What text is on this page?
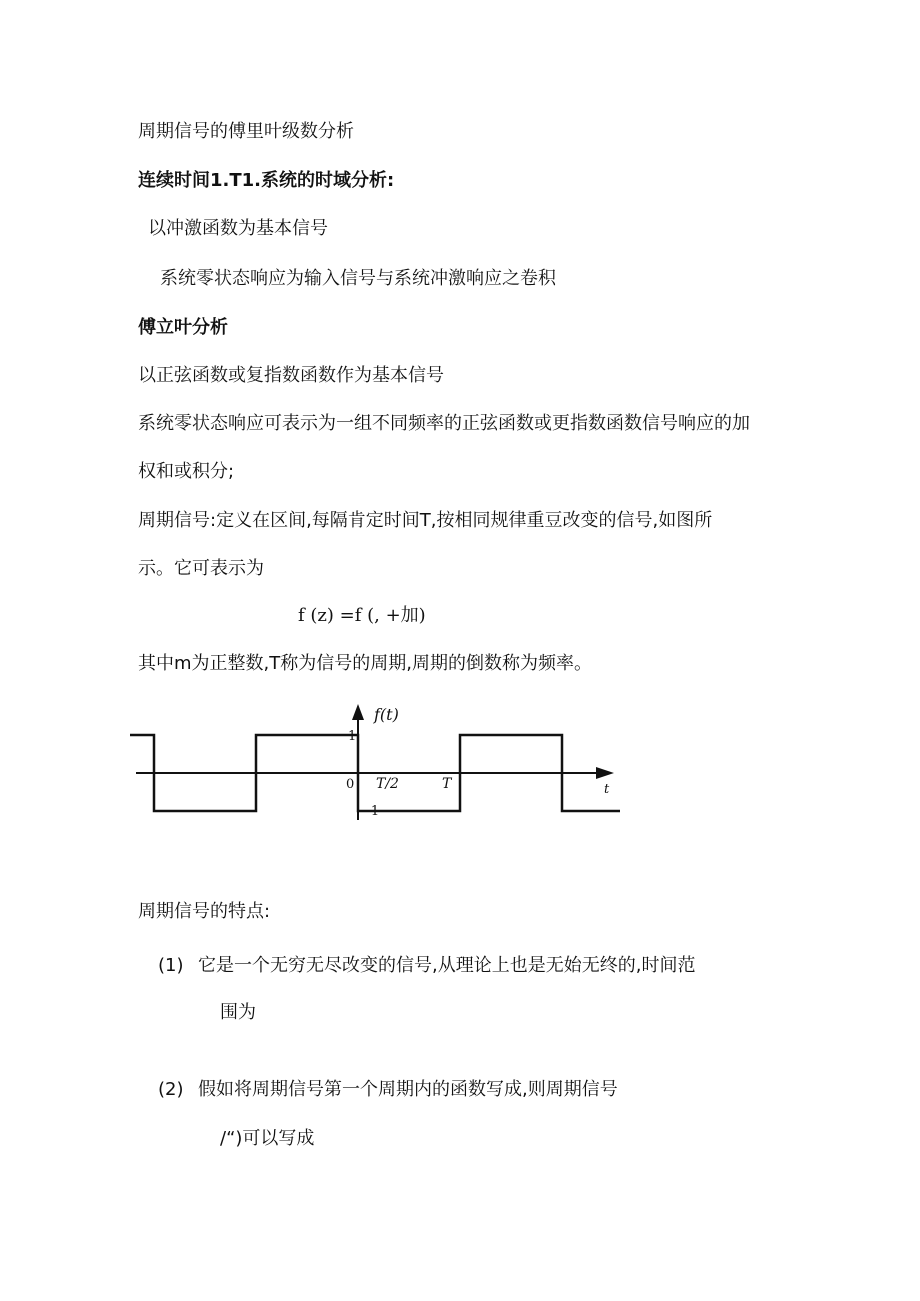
周期信号的傅里叶级数分析
连续时间1.T1.系统的时域分析:
以冲激函数为基本信号
系统零状态响应为输入信号与系统冲激响应之卷积
傅立叶分析
以正弦函数或复指数函数作为基本信号
系统零状态响应可表示为一组不同频率的正弦函数或更指数函数信号响应的加
权和或积分;
周期信号:定义在区间,每隔肯定时间T,按相同规律重豆改变的信号,如图所
示。它可表示为
f (z) =f (, +加)
其中m为正整数,T称为信号的周期,周期的倒数称为频率。
f(t)
1
0
−1
T/2	T	t
周期信号的特点:
(1) 它是一个无穷无尽改变的信号,从理论上也是无始无终的,时间范
围为
(2) 假如将周期信号第一个周期内的函数写成,则周期信号
/“)可以写成
